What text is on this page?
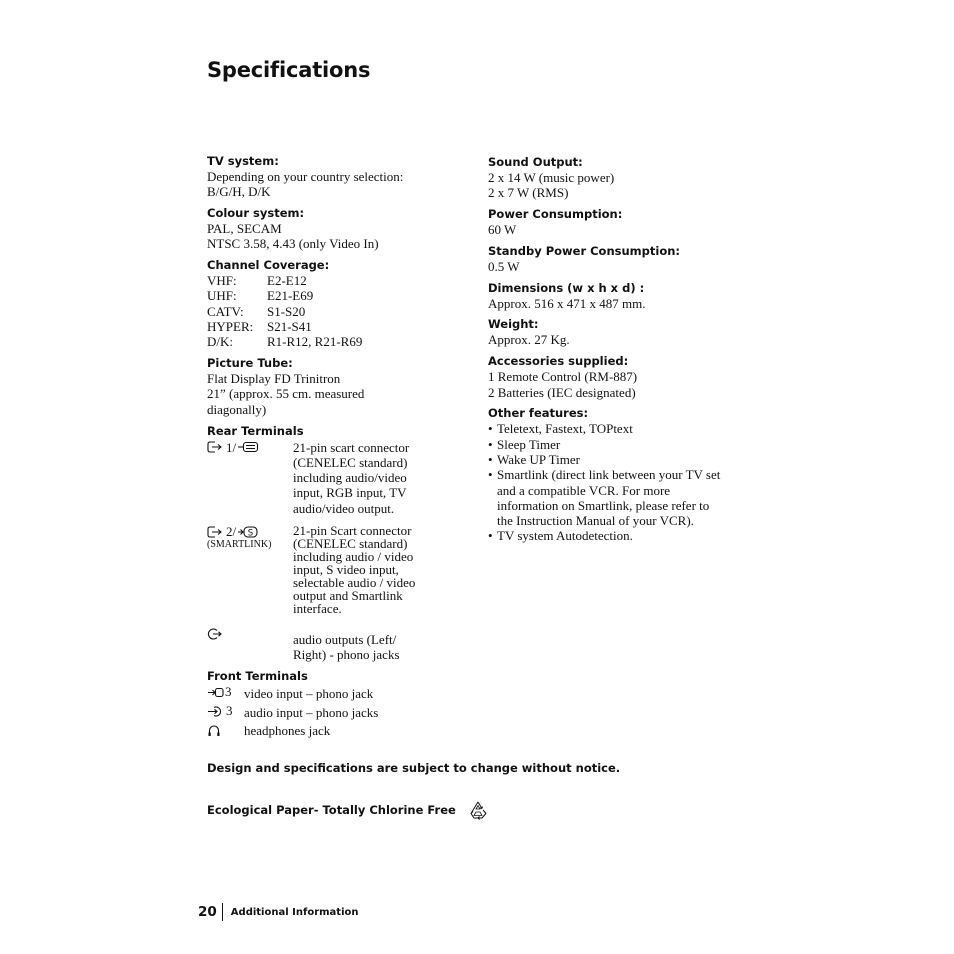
Specifications
TV system:
Depending on your country selection:
B/G/H, D/K
Colour system:
PAL, SECAM
NTSC 3.58, 4.43 (only Video In)
Channel Coverage:
VHF:	E2-E12
UHF:	E21-E69
CATV:	S1-S20
HYPER:	S21-S41
D/K:	R1-R12, R21-R69
Picture Tube:
Flat Display FD Trinitron
21” (approx. 55 cm. measured
diagonally)
Rear Terminals
1/	21-pin scart connector
(CENELEC standard)
including audio/video
input, RGB input, TV
audio/video output.
2/ S
(SMARTLINK)
21-pin Scart connector
(CENELEC standard)
including audio / video
input, S video input,
selectable audio / video
output and Smartlink
interface.
audio outputs (Left/
Right) - phono jacks
Front Terminals
3	video input – phono jack

3	audio input – phono jacks

	headphones jack
Sound Output:
2 x 14 W (music power)
2 x 7 W (RMS)
Power Consumption:
60 W
Standby Power Consumption:
0.5 W
Dimensions (w x h x d) :
Approx. 516 x 471 x 487 mm.
Weight:
Approx. 27 Kg.
Accessories supplied:
1 Remote Control (RM-887)
2 Batteries (IEC designated)
Other features:
• Teletext, Fastext, TOPtext
• Sleep Timer
• Wake UP Timer
• Smartlink (direct link between your TV set
and a compatible VCR. For more
information on Smartlink, please refer to
the Instruction Manual of your VCR).
• TV system Autodetection.
Design and specifications are subject to change without notice.
Ecological Paper- Totally Chlorine Free
20 Additional Information
